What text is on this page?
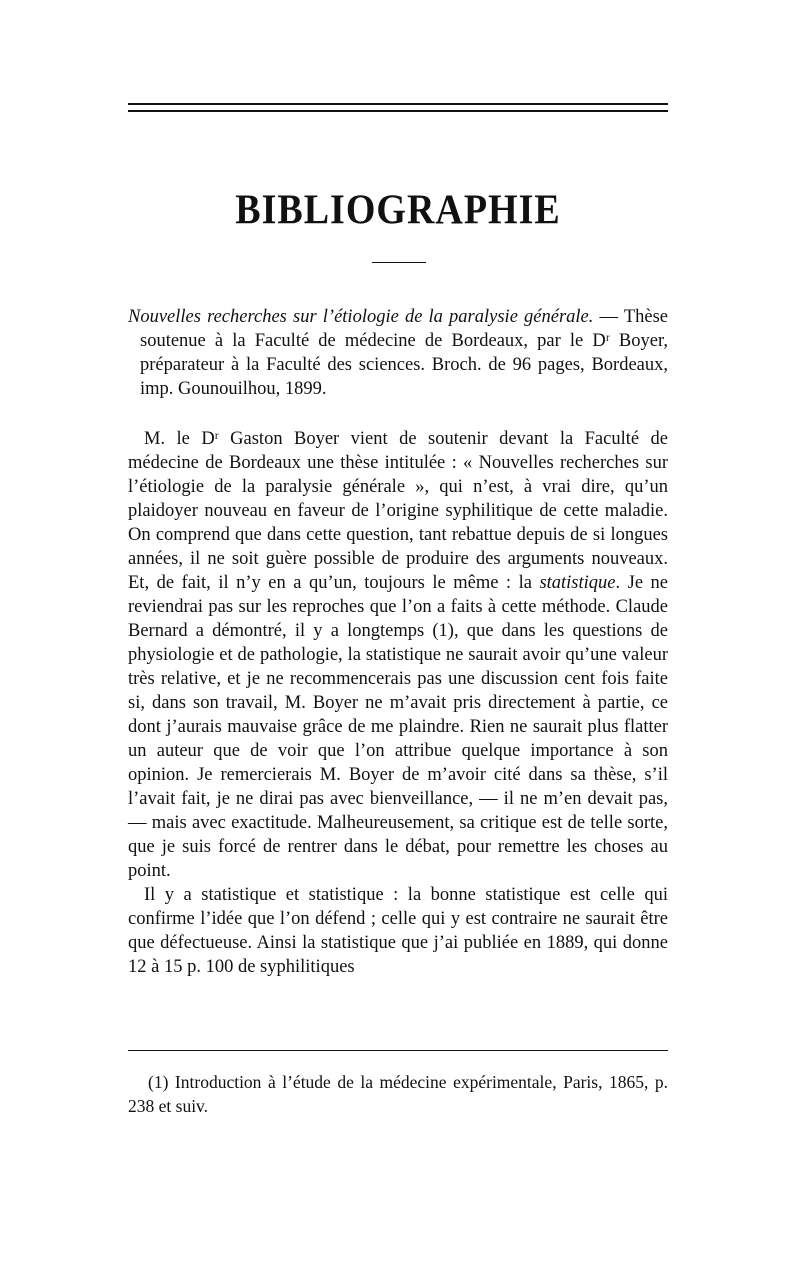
BIBLIOGRAPHIE

Nouvelles recherches sur l’étiologie de la paralysie générale. — Thèse soutenue à la Faculté de médecine de Bordeaux, par le Dʳ Boyer, préparateur à la Faculté des sciences. Broch. de 96 pages, Bordeaux, imp. Gounouilhou, 1899.

M. le Dʳ Gaston Boyer vient de soutenir devant la Faculté de médecine de Bordeaux une thèse intitulée : « Nouvelles recherches sur l’étiologie de la paralysie générale », qui n’est, à vrai dire, qu’un plaidoyer nouveau en faveur de l’origine syphilitique de cette maladie. On comprend que dans cette question, tant rebattue depuis de si longues années, il ne soit guère possible de produire des arguments nouveaux. Et, de fait, il n’y en a qu’un, toujours le même : la statistique. Je ne reviendrai pas sur les reproches que l’on a faits à cette méthode. Claude Bernard a démontré, il y a longtemps (1), que dans les questions de physiologie et de pathologie, la statistique ne saurait avoir qu’une valeur très relative, et je ne recommencerais pas une discussion cent fois faite si, dans son travail, M. Boyer ne m’avait pris directement à partie, ce dont j’aurais mauvaise grâce de me plaindre. Rien ne saurait plus flatter un auteur que de voir que l’on attribue quelque importance à son opinion. Je remercierais M. Boyer de m’avoir cité dans sa thèse, s’il l’avait fait, je ne dirai pas avec bienveillance, — il ne m’en devait pas, — mais avec exactitude. Malheureusement, sa critique est de telle sorte, que je suis forcé de rentrer dans le débat, pour remettre les choses au point.

Il y a statistique et statistique : la bonne statistique est celle qui confirme l’idée que l’on défend ; celle qui y est contraire ne saurait être que défectueuse. Ainsi la statistique que j’ai publiée en 1889, qui donne 12 à 15 p. 100 de syphilitiques

(1) Introduction à l’étude de la médecine expérimentale, Paris, 1865, p. 238 et suiv.
